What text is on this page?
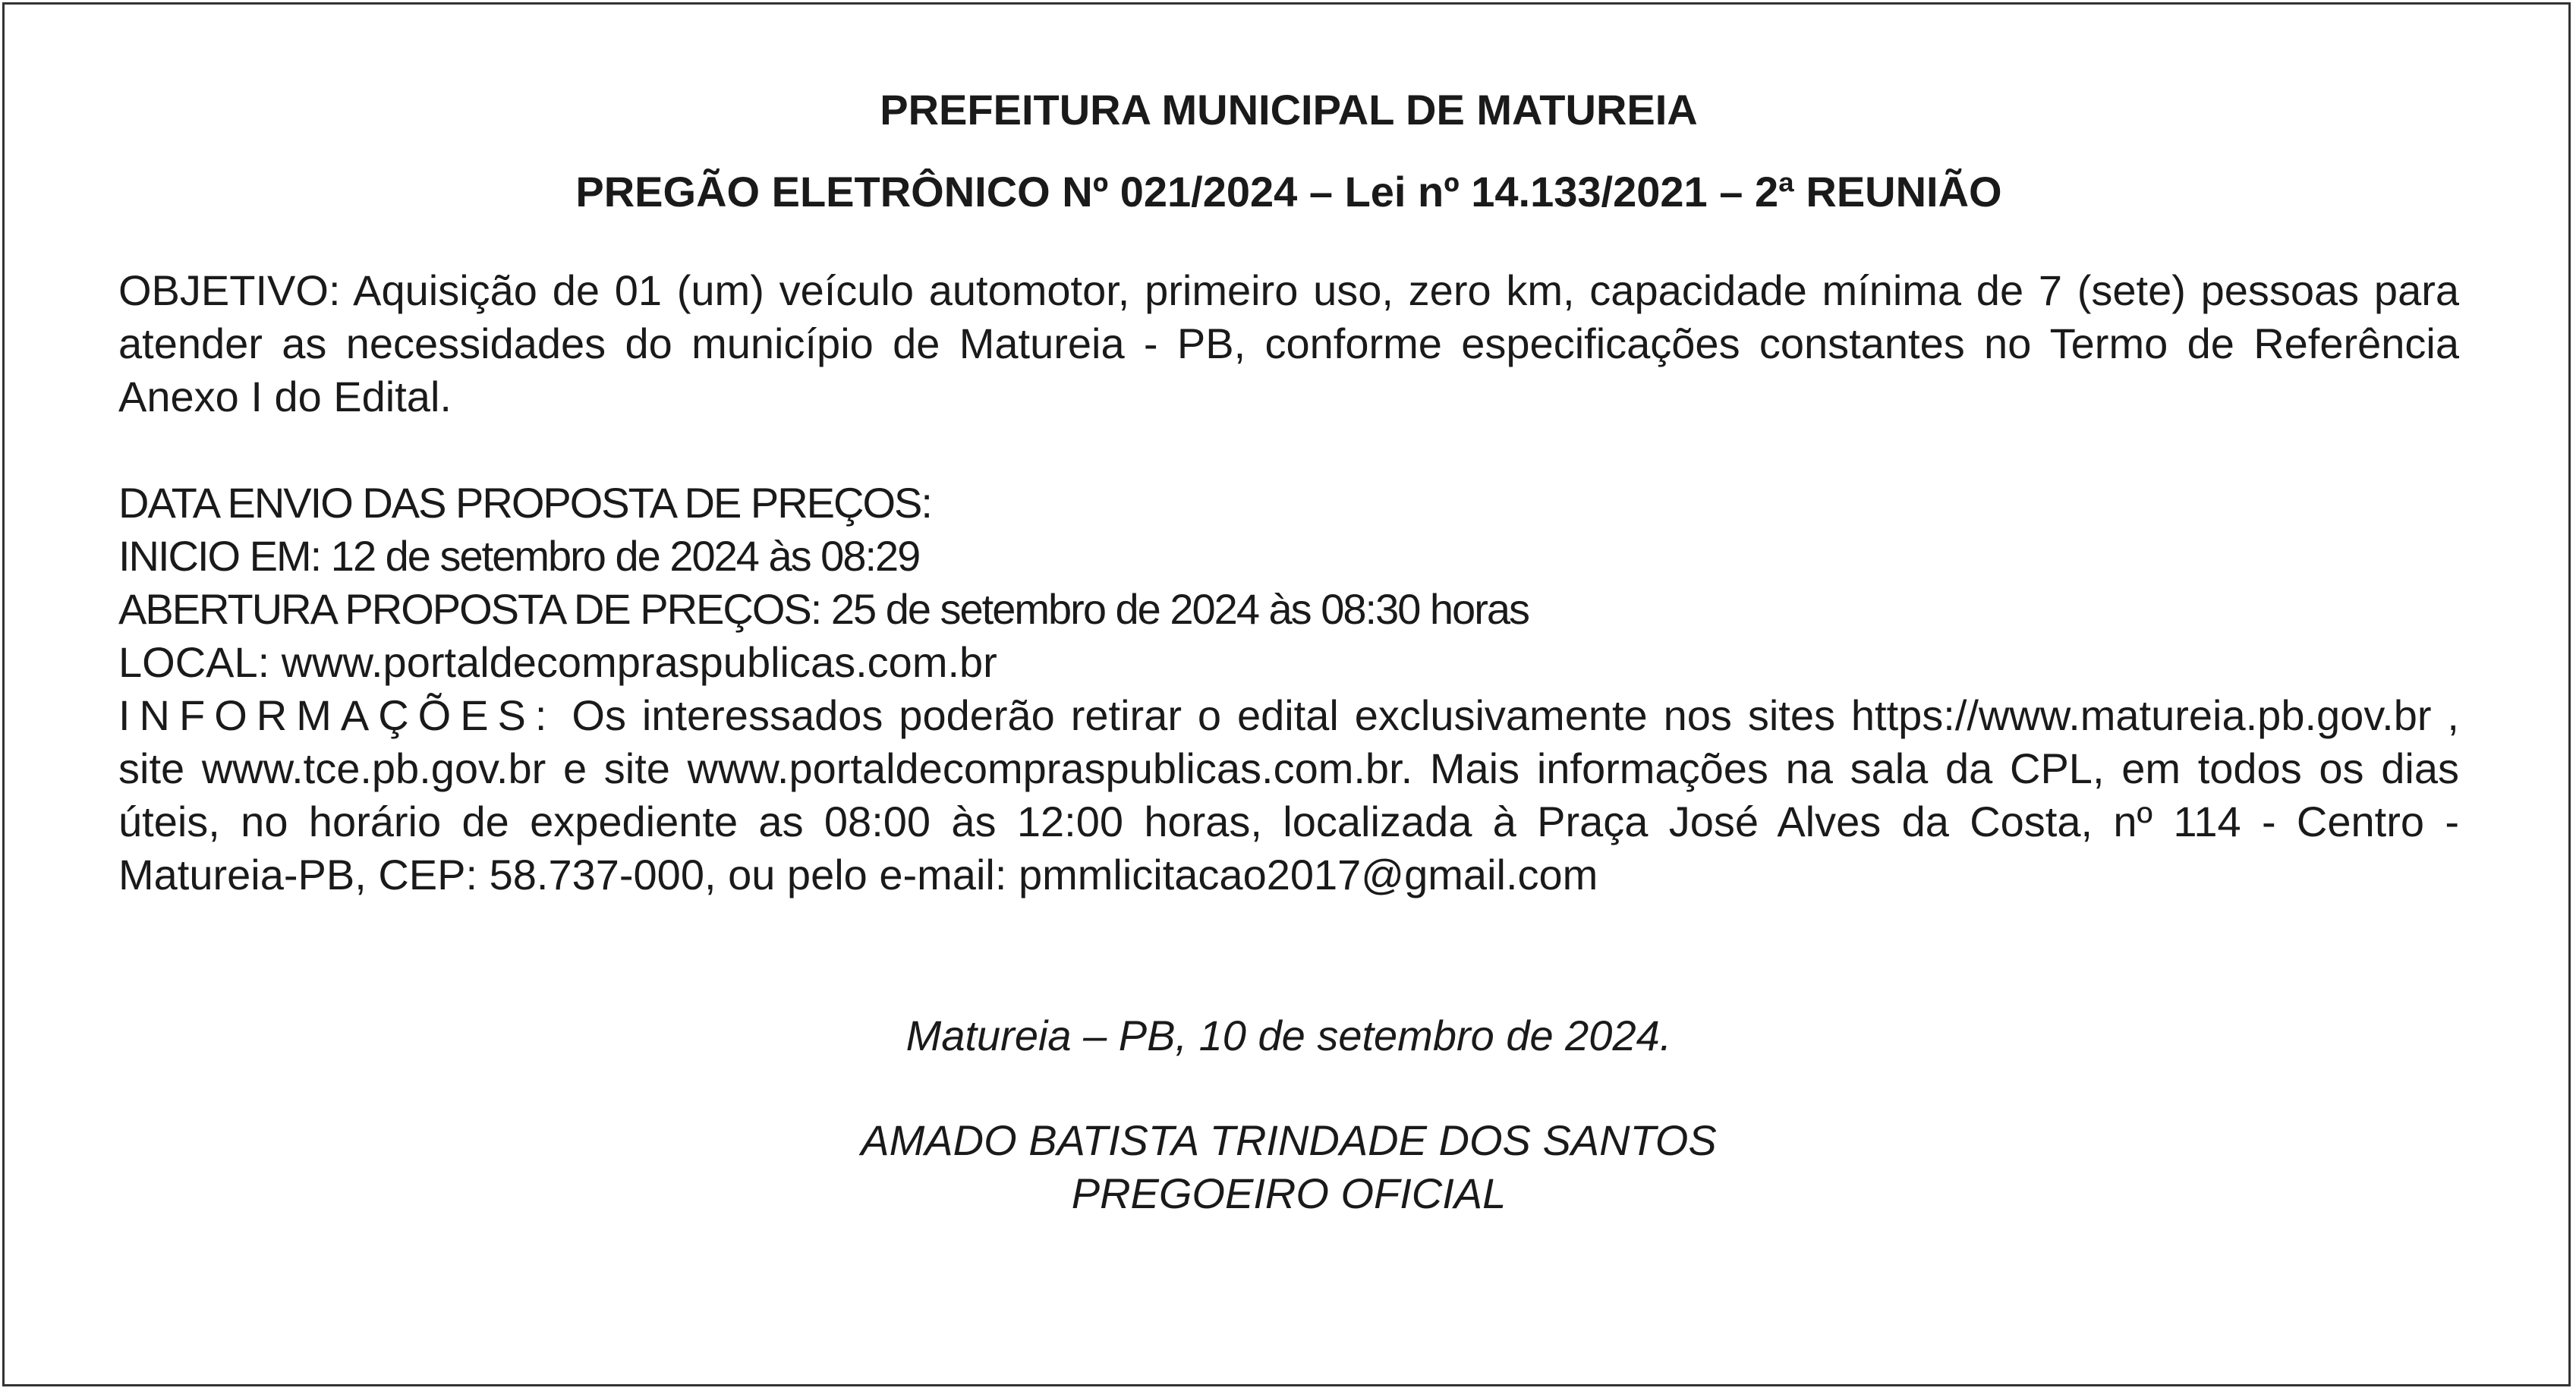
PREFEITURA MUNICIPAL DE MATUREIA

PREGÃO ELETRÔNICO Nº 021/2024 – Lei nº 14.133/2021 – 2ª REUNIÃO

OBJETIVO: Aquisição de 01 (um) veículo automotor, primeiro uso, zero km, capacidade mínima de 7 (sete) pessoas para atender as necessidades do município de Matureia - PB, conforme especificações constantes no Termo de Referência Anexo I do Edital.

DATA ENVIO DAS PROPOSTA DE PREÇOS:

INICIO EM: 12 de setembro de 2024 às 08:29

ABERTURA PROPOSTA DE PREÇOS: 25 de setembro de 2024 às 08:30 horas

LOCAL: www.portaldecompraspublicas.com.br

INFORMAÇÕES: Os interessados poderão retirar o edital exclusivamente nos sites https://www.matureia.pb.gov.br , site www.tce.pb.gov.br e site www.portaldecompraspublicas.com.br. Mais informações na sala da CPL, em todos os dias úteis, no horário de expediente as 08:00 às 12:00 horas, localizada à Praça José Alves da Costa, nº 114 - Centro - Matureia-PB, CEP: 58.737-000, ou pelo e-mail: pmmlicitacao2017@gmail.com

Matureia – PB, 10 de setembro de 2024.

AMADO BATISTA TRINDADE DOS SANTOS

PREGOEIRO OFICIAL
